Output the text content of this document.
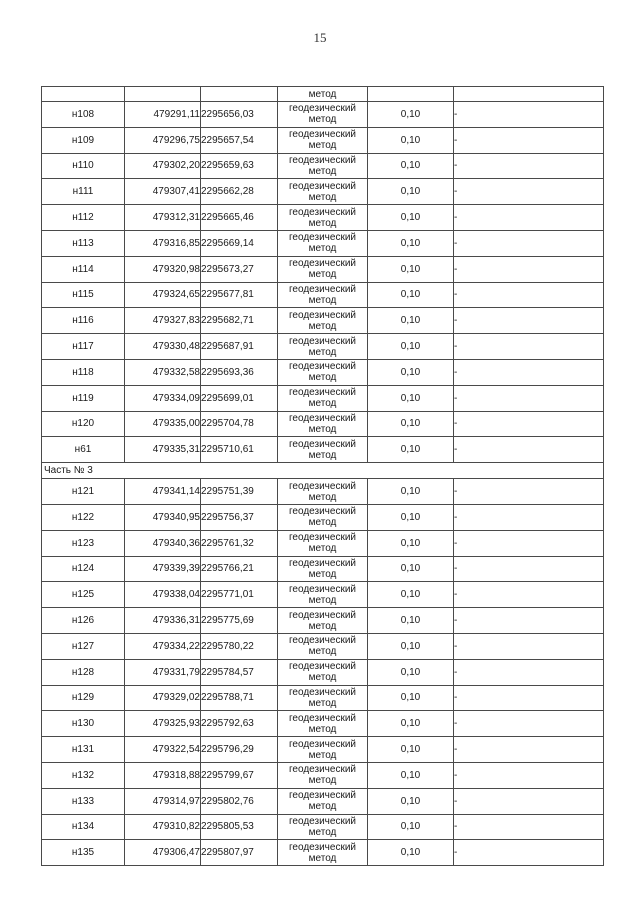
15
			метод		
н108	479291,11	2295656,03	геодезический
метод	0,10	-
н109	479296,75	2295657,54	геодезический
метод	0,10	-
н110	479302,20	2295659,63	геодезический
метод	0,10	-
н111	479307,41	2295662,28	геодезический
метод	0,10	-
н112	479312,31	2295665,46	геодезический
метод	0,10	-
н113	479316,85	2295669,14	геодезический
метод	0,10	-
н114	479320,98	2295673,27	геодезический
метод	0,10	-
н115	479324,65	2295677,81	геодезический
метод	0,10	-
н116	479327,83	2295682,71	геодезический
метод	0,10	-
н117	479330,48	2295687,91	геодезический
метод	0,10	-
н118	479332,58	2295693,36	геодезический
метод	0,10	-
н119	479334,09	2295699,01	геодезический
метод	0,10	-
н120	479335,00	2295704,78	геодезический
метод	0,10	-
н61	479335,31	2295710,61	геодезический
метод	0,10	-
Часть № 3					
н121	479341,14	2295751,39	геодезический
метод	0,10	-
н122	479340,95	2295756,37	геодезический
метод	0,10	-
н123	479340,36	2295761,32	геодезический
метод	0,10	-
н124	479339,39	2295766,21	геодезический
метод	0,10	-
н125	479338,04	2295771,01	геодезический
метод	0,10	-
н126	479336,31	2295775,69	геодезический
метод	0,10	-
н127	479334,22	2295780,22	геодезический
метод	0,10	-
н128	479331,79	2295784,57	геодезический
метод	0,10	-
н129	479329,02	2295788,71	геодезический
метод	0,10	-
н130	479325,93	2295792,63	геодезический
метод	0,10	-
н131	479322,54	2295796,29	геодезический
метод	0,10	-
н132	479318,88	2295799,67	геодезический
метод	0,10	-
н133	479314,97	2295802,76	геодезический
метод	0,10	-
н134	479310,82	2295805,53	геодезический
метод	0,10	-
н135	479306,47	2295807,97	геодезический
метод	0,10	-
